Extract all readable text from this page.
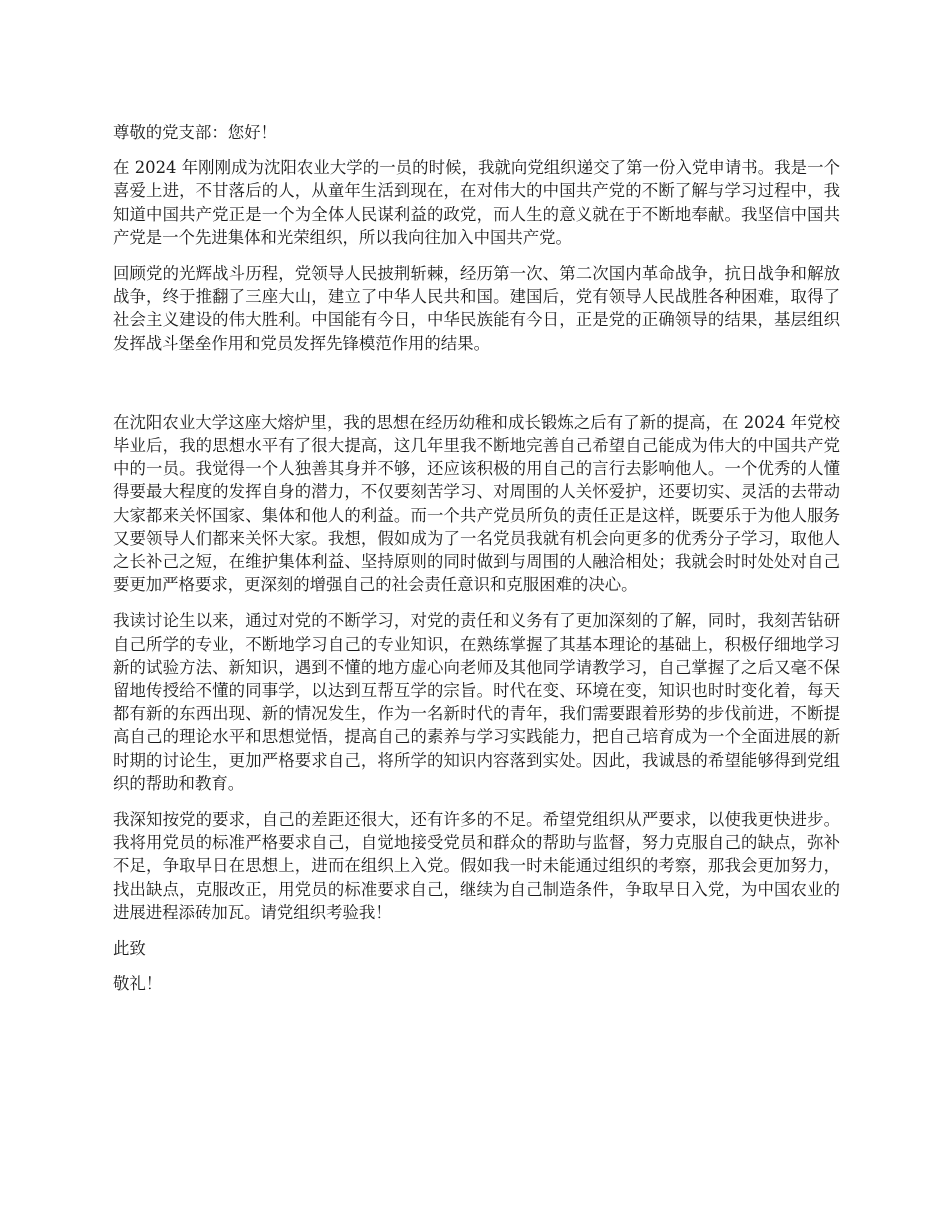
尊敬的党支部：您好！

在 2024 年刚刚成为沈阳农业大学的一员的时候，我就向党组织递交了第一份入党申请书。我是一个喜爱上进，不甘落后的人，从童年生活到现在，在对伟大的中国共产党的不断了解与学习过程中，我知道中国共产党正是一个为全体人民谋利益的政党，而人生的意义就在于不断地奉献。我坚信中国共产党是一个先进集体和光荣组织，所以我向往加入中国共产党。

回顾党的光辉战斗历程，党领导人民披荆斩棘，经历第一次、第二次国内革命战争，抗日战争和解放战争，终于推翻了三座大山，建立了中华人民共和国。建国后，党有领导人民战胜各种困难，取得了社会主义建设的伟大胜利。中国能有今日，中华民族能有今日，正是党的正确领导的结果，基层组织发挥战斗堡垒作用和党员发挥先锋模范作用的结果。

在沈阳农业大学这座大熔炉里，我的思想在经历幼稚和成长锻炼之后有了新的提高，在 2024 年党校毕业后，我的思想水平有了很大提高，这几年里我不断地完善自己希望自己能成为伟大的中国共产党中的一员。我觉得一个人独善其身并不够，还应该积极的用自己的言行去影响他人。一个优秀的人懂得要最大程度的发挥自身的潜力，不仅要刻苦学习、对周围的人关怀爱护，还要切实、灵活的去带动大家都来关怀国家、集体和他人的利益。而一个共产党员所负的责任正是这样，既要乐于为他人服务又要领导人们都来关怀大家。我想，假如成为了一名党员我就有机会向更多的优秀分子学习，取他人之长补己之短，在维护集体利益、坚持原则的同时做到与周围的人融洽相处；我就会时时处处对自己要更加严格要求，更深刻的增强自己的社会责任意识和克服困难的决心。

我读讨论生以来，通过对党的不断学习，对党的责任和义务有了更加深刻的了解，同时，我刻苦钻研自己所学的专业，不断地学习自己的专业知识，在熟练掌握了其基本理论的基础上，积极仔细地学习新的试验方法、新知识，遇到不懂的地方虚心向老师及其他同学请教学习，自己掌握了之后又毫不保留地传授给不懂的同事学，以达到互帮互学的宗旨。时代在变、环境在变，知识也时时变化着，每天都有新的东西出现、新的情况发生，作为一名新时代的青年，我们需要跟着形势的步伐前进，不断提高自己的理论水平和思想觉悟，提高自己的素养与学习实践能力，把自己培育成为一个全面进展的新时期的讨论生，更加严格要求自己，将所学的知识内容落到实处。因此，我诚恳的希望能够得到党组织的帮助和教育。

我深知按党的要求，自己的差距还很大，还有许多的不足。希望党组织从严要求，以使我更快进步。我将用党员的标准严格要求自己，自觉地接受党员和群众的帮助与监督，努力克服自己的缺点，弥补不足，争取早日在思想上，进而在组织上入党。假如我一时未能通过组织的考察，那我会更加努力，找出缺点，克服改正，用党员的标准要求自己，继续为自己制造条件，争取早日入党，为中国农业的进展进程添砖加瓦。请党组织考验我！

此致

敬礼！
